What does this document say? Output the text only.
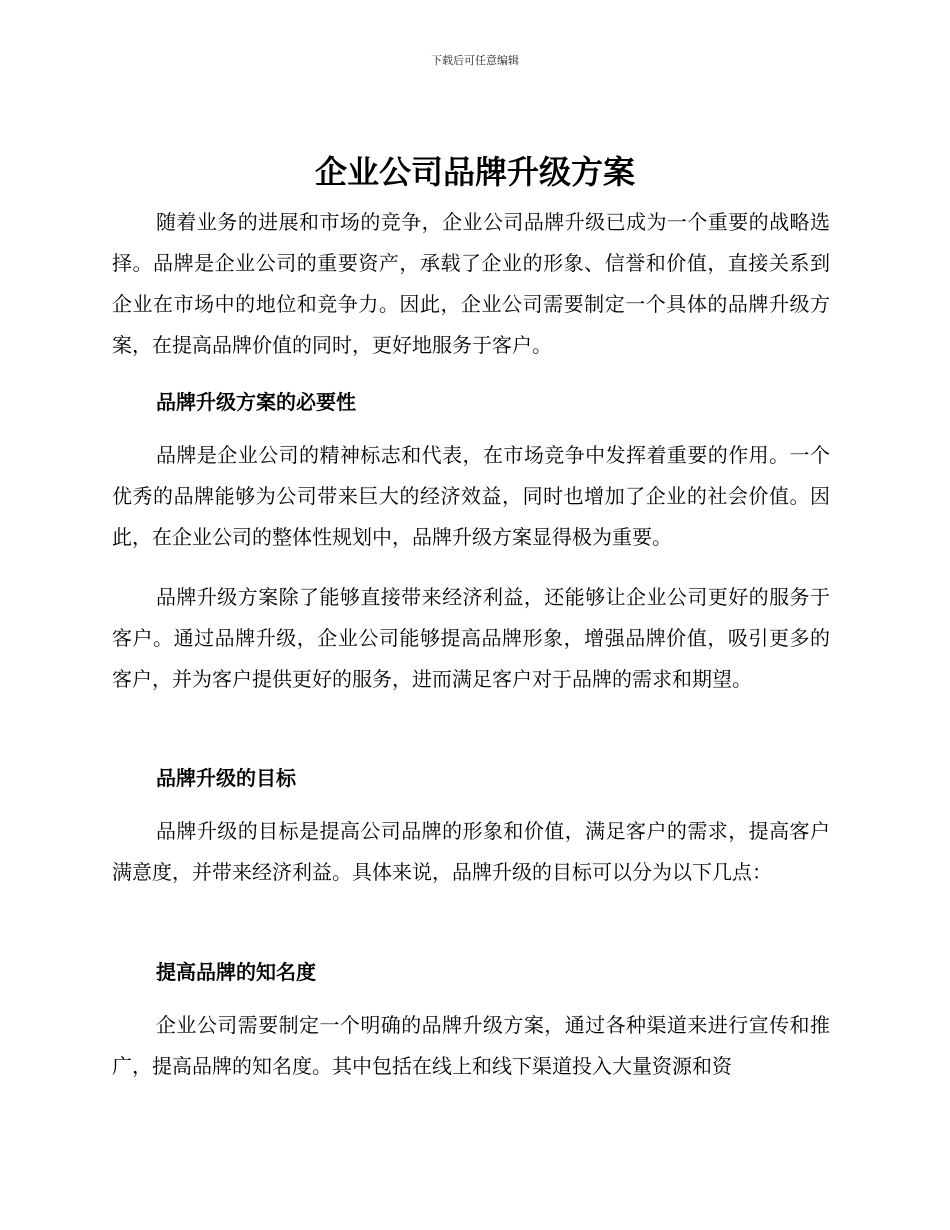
下载后可任意编辑
企业公司品牌升级方案

随着业务的进展和市场的竞争，企业公司品牌升级已成为一个重要的战略选择。品牌是企业公司的重要资产，承载了企业的形象、信誉和价值，直接关系到企业在市场中的地位和竞争力。因此，企业公司需要制定一个具体的品牌升级方案，在提高品牌价值的同时，更好地服务于客户。

品牌升级方案的必要性

品牌是企业公司的精神标志和代表，在市场竞争中发挥着重要的作用。一个优秀的品牌能够为公司带来巨大的经济效益，同时也增加了企业的社会价值。因此，在企业公司的整体性规划中，品牌升级方案显得极为重要。

品牌升级方案除了能够直接带来经济利益，还能够让企业公司更好的服务于客户。通过品牌升级，企业公司能够提高品牌形象，增强品牌价值，吸引更多的客户，并为客户提供更好的服务，进而满足客户对于品牌的需求和期望。

品牌升级的目标

品牌升级的目标是提高公司品牌的形象和价值，满足客户的需求，提高客户满意度，并带来经济利益。具体来说，品牌升级的目标可以分为以下几点：

提高品牌的知名度

企业公司需要制定一个明确的品牌升级方案，通过各种渠道来进行宣传和推广，提高品牌的知名度。其中包括在线上和线下渠道投入大量资源和资
